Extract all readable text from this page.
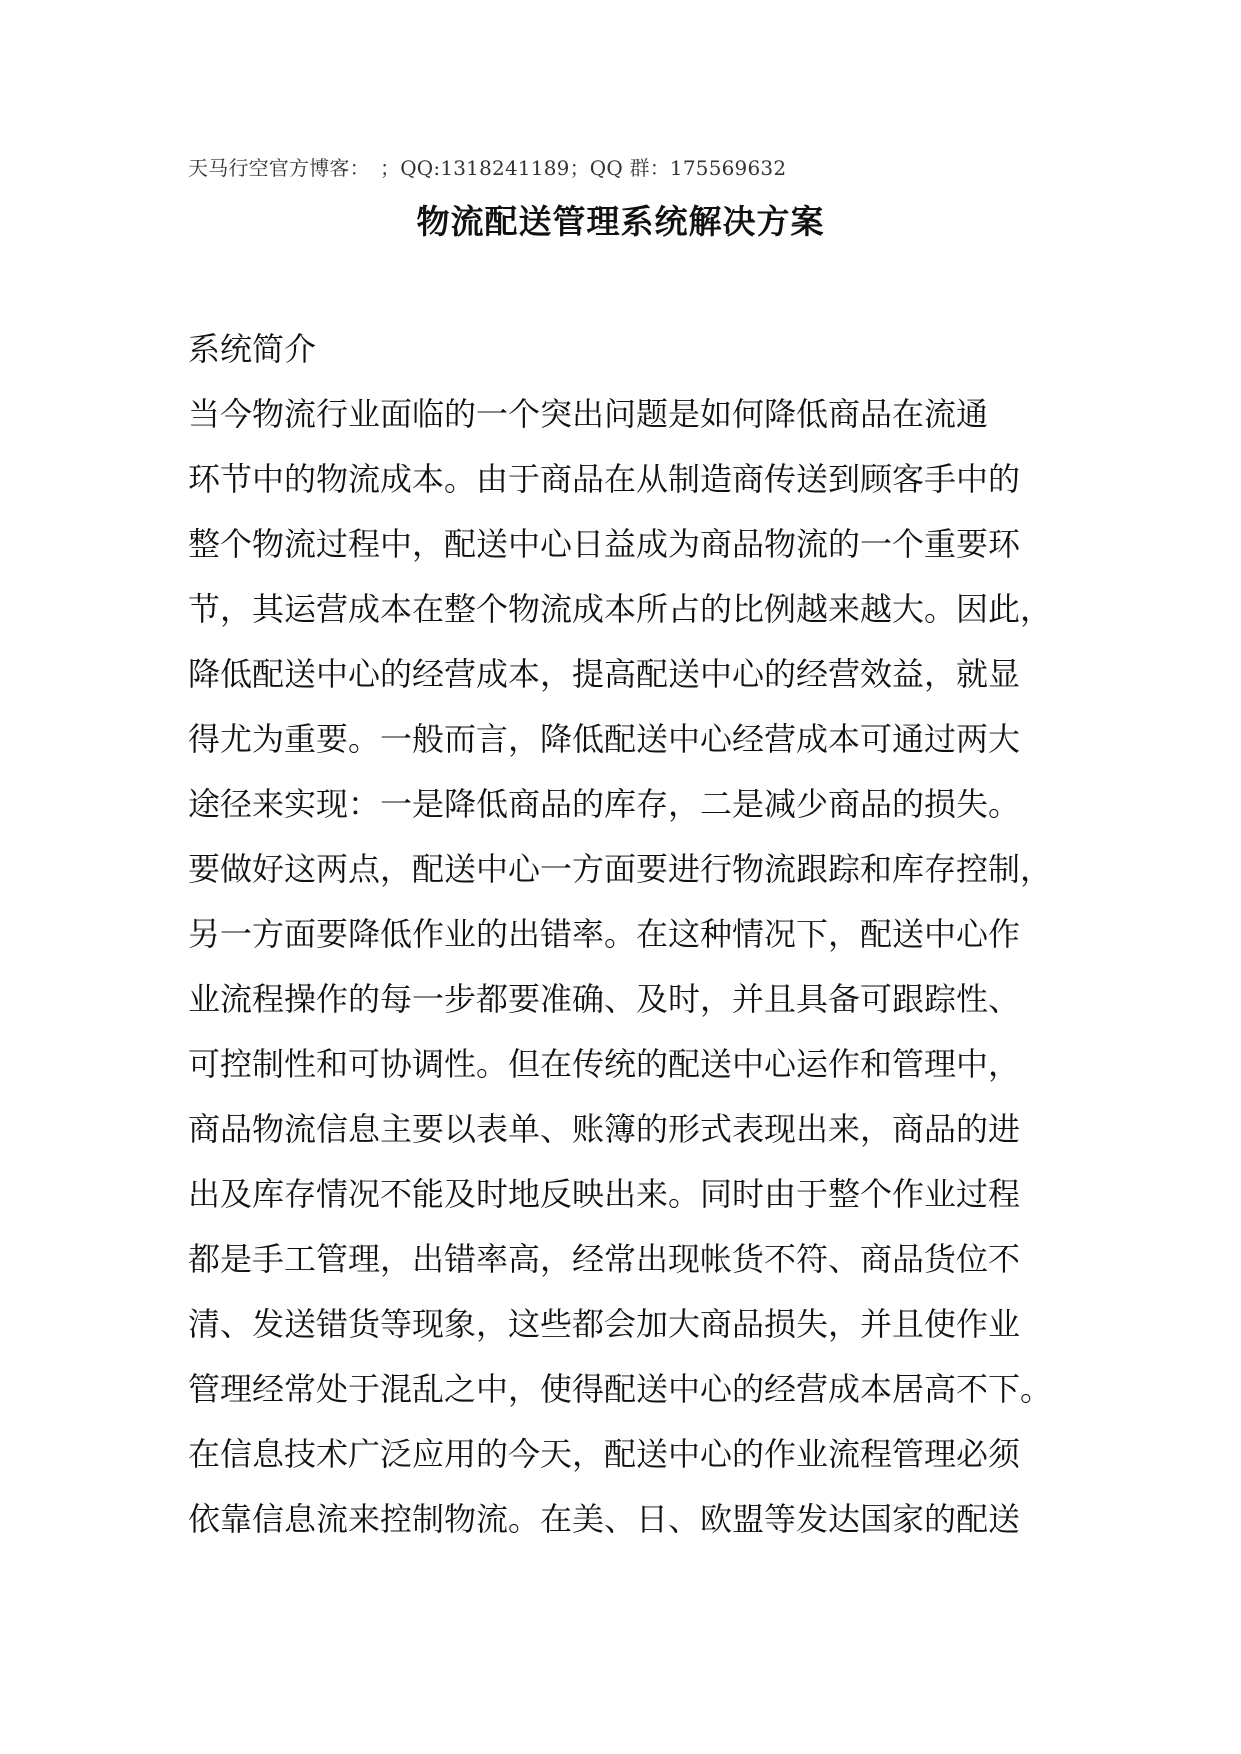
天马行空官方博客：　；QQ:1318241189；QQ 群：175569632
物流配送管理系统解决方案
系统简介
当今物流行业面临的一个突出问题是如何降低商品在流通
环节中的物流成本。由于商品在从制造商传送到顾客手中的
整个物流过程中，配送中心日益成为商品物流的一个重要环
节，其运营成本在整个物流成本所占的比例越来越大。因此，
降低配送中心的经营成本，提高配送中心的经营效益，就显
得尤为重要。一般而言，降低配送中心经营成本可通过两大
途径来实现：一是降低商品的库存，二是减少商品的损失。
要做好这两点，配送中心一方面要进行物流跟踪和库存控制，
另一方面要降低作业的出错率。在这种情况下，配送中心作
业流程操作的每一步都要准确、及时，并且具备可跟踪性、
可控制性和可协调性。但在传统的配送中心运作和管理中，
商品物流信息主要以表单、账簿的形式表现出来，商品的进
出及库存情况不能及时地反映出来。同时由于整个作业过程
都是手工管理，出错率高，经常出现帐货不符、商品货位不
清、发送错货等现象，这些都会加大商品损失，并且使作业
管理经常处于混乱之中，使得配送中心的经营成本居高不下。
在信息技术广泛应用的今天，配送中心的作业流程管理必须
依靠信息流来控制物流。在美、日、欧盟等发达国家的配送
